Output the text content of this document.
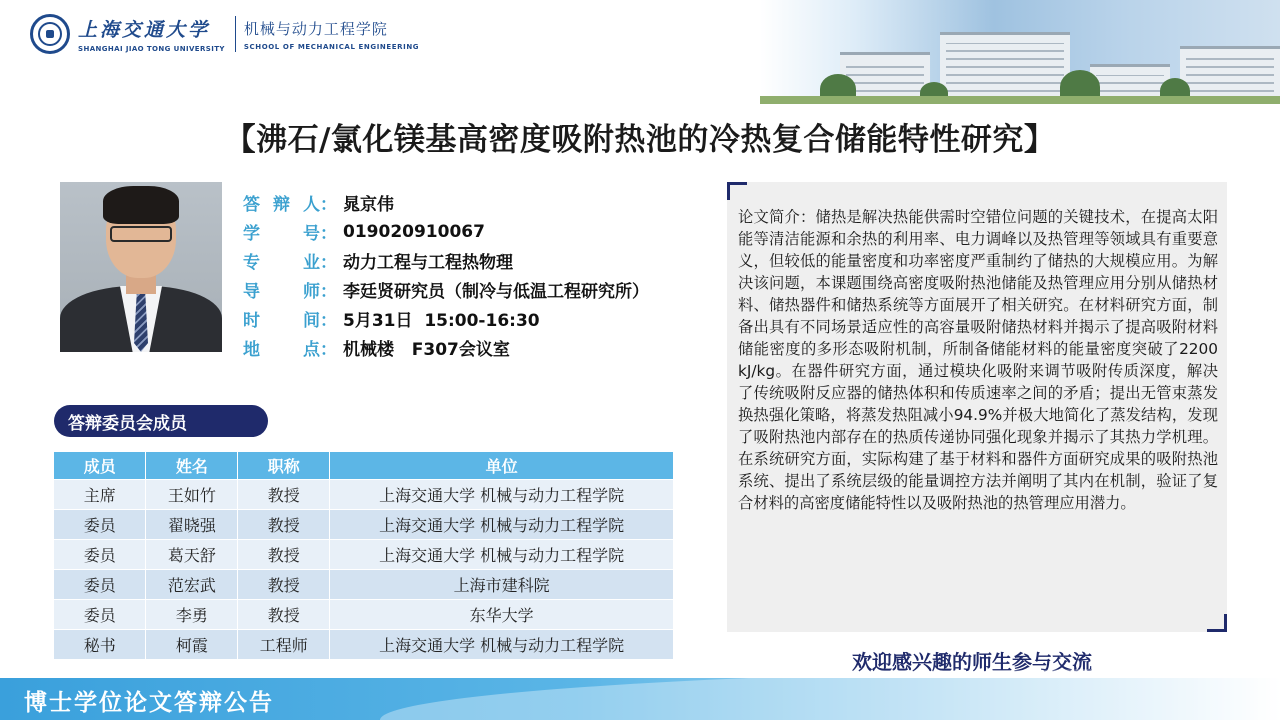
上海交通大学
SHANGHAI JIAO TONG UNIVERSITY
机械与动力工程学院
SCHOOL OF MECHANICAL ENGINEERING
【沸石/氯化镁基高密度吸附热池的冷热复合储能特性研究】
答 辩 人： 晁京伟
学	号： 019020910067
专	业： 动力工程与工程热物理
导	师： 李廷贤研究员（制冷与低温工程研究所）
时	间： 5月31日  15:00-16:30
地	点： 机械楼   F307会议室
答辩委员会成员
成员	姓名	职称	单位
主席	王如竹	教授	上海交通大学 机械与动力工程学院
委员	翟晓强	教授	上海交通大学 机械与动力工程学院
委员	葛天舒	教授	上海交通大学 机械与动力工程学院
委员	范宏武	教授	上海市建科院
委员	李勇	教授	东华大学
秘书	柯霞	工程师	上海交通大学 机械与动力工程学院
论文简介：储热是解决热能供需时空错位问题的关键技术，在提高太阳能等清洁能源和余热的利用率、电力调峰以及热管理等领域具有重要意义，但较低的能量密度和功率密度严重制约了储热的大规模应用。为解决该问题，本课题围绕高密度吸附热池储能及热管理应用分别从储热材料、储热器件和储热系统等方面展开了相关研究。在材料研究方面，制备出具有不同场景适应性的高容量吸附储热材料并揭示了提高吸附材料储能密度的多形态吸附机制，所制备储能材料的能量密度突破了2200 kJ/kg。在器件研究方面，通过模块化吸附来调节吸附传质深度，解决了传统吸附反应器的储热体积和传质速率之间的矛盾；提出无管束蒸发换热强化策略，将蒸发热阻减小94.9%并极大地简化了蒸发结构，发现了吸附热池内部存在的热质传递协同强化现象并揭示了其热力学机理。在系统研究方面，实际构建了基于材料和器件方面研究成果的吸附热池系统、提出了系统层级的能量调控方法并阐明了其内在机制，验证了复合材料的高密度储能特性以及吸附热池的热管理应用潜力。
欢迎感兴趣的师生参与交流
博士学位论文答辩公告
